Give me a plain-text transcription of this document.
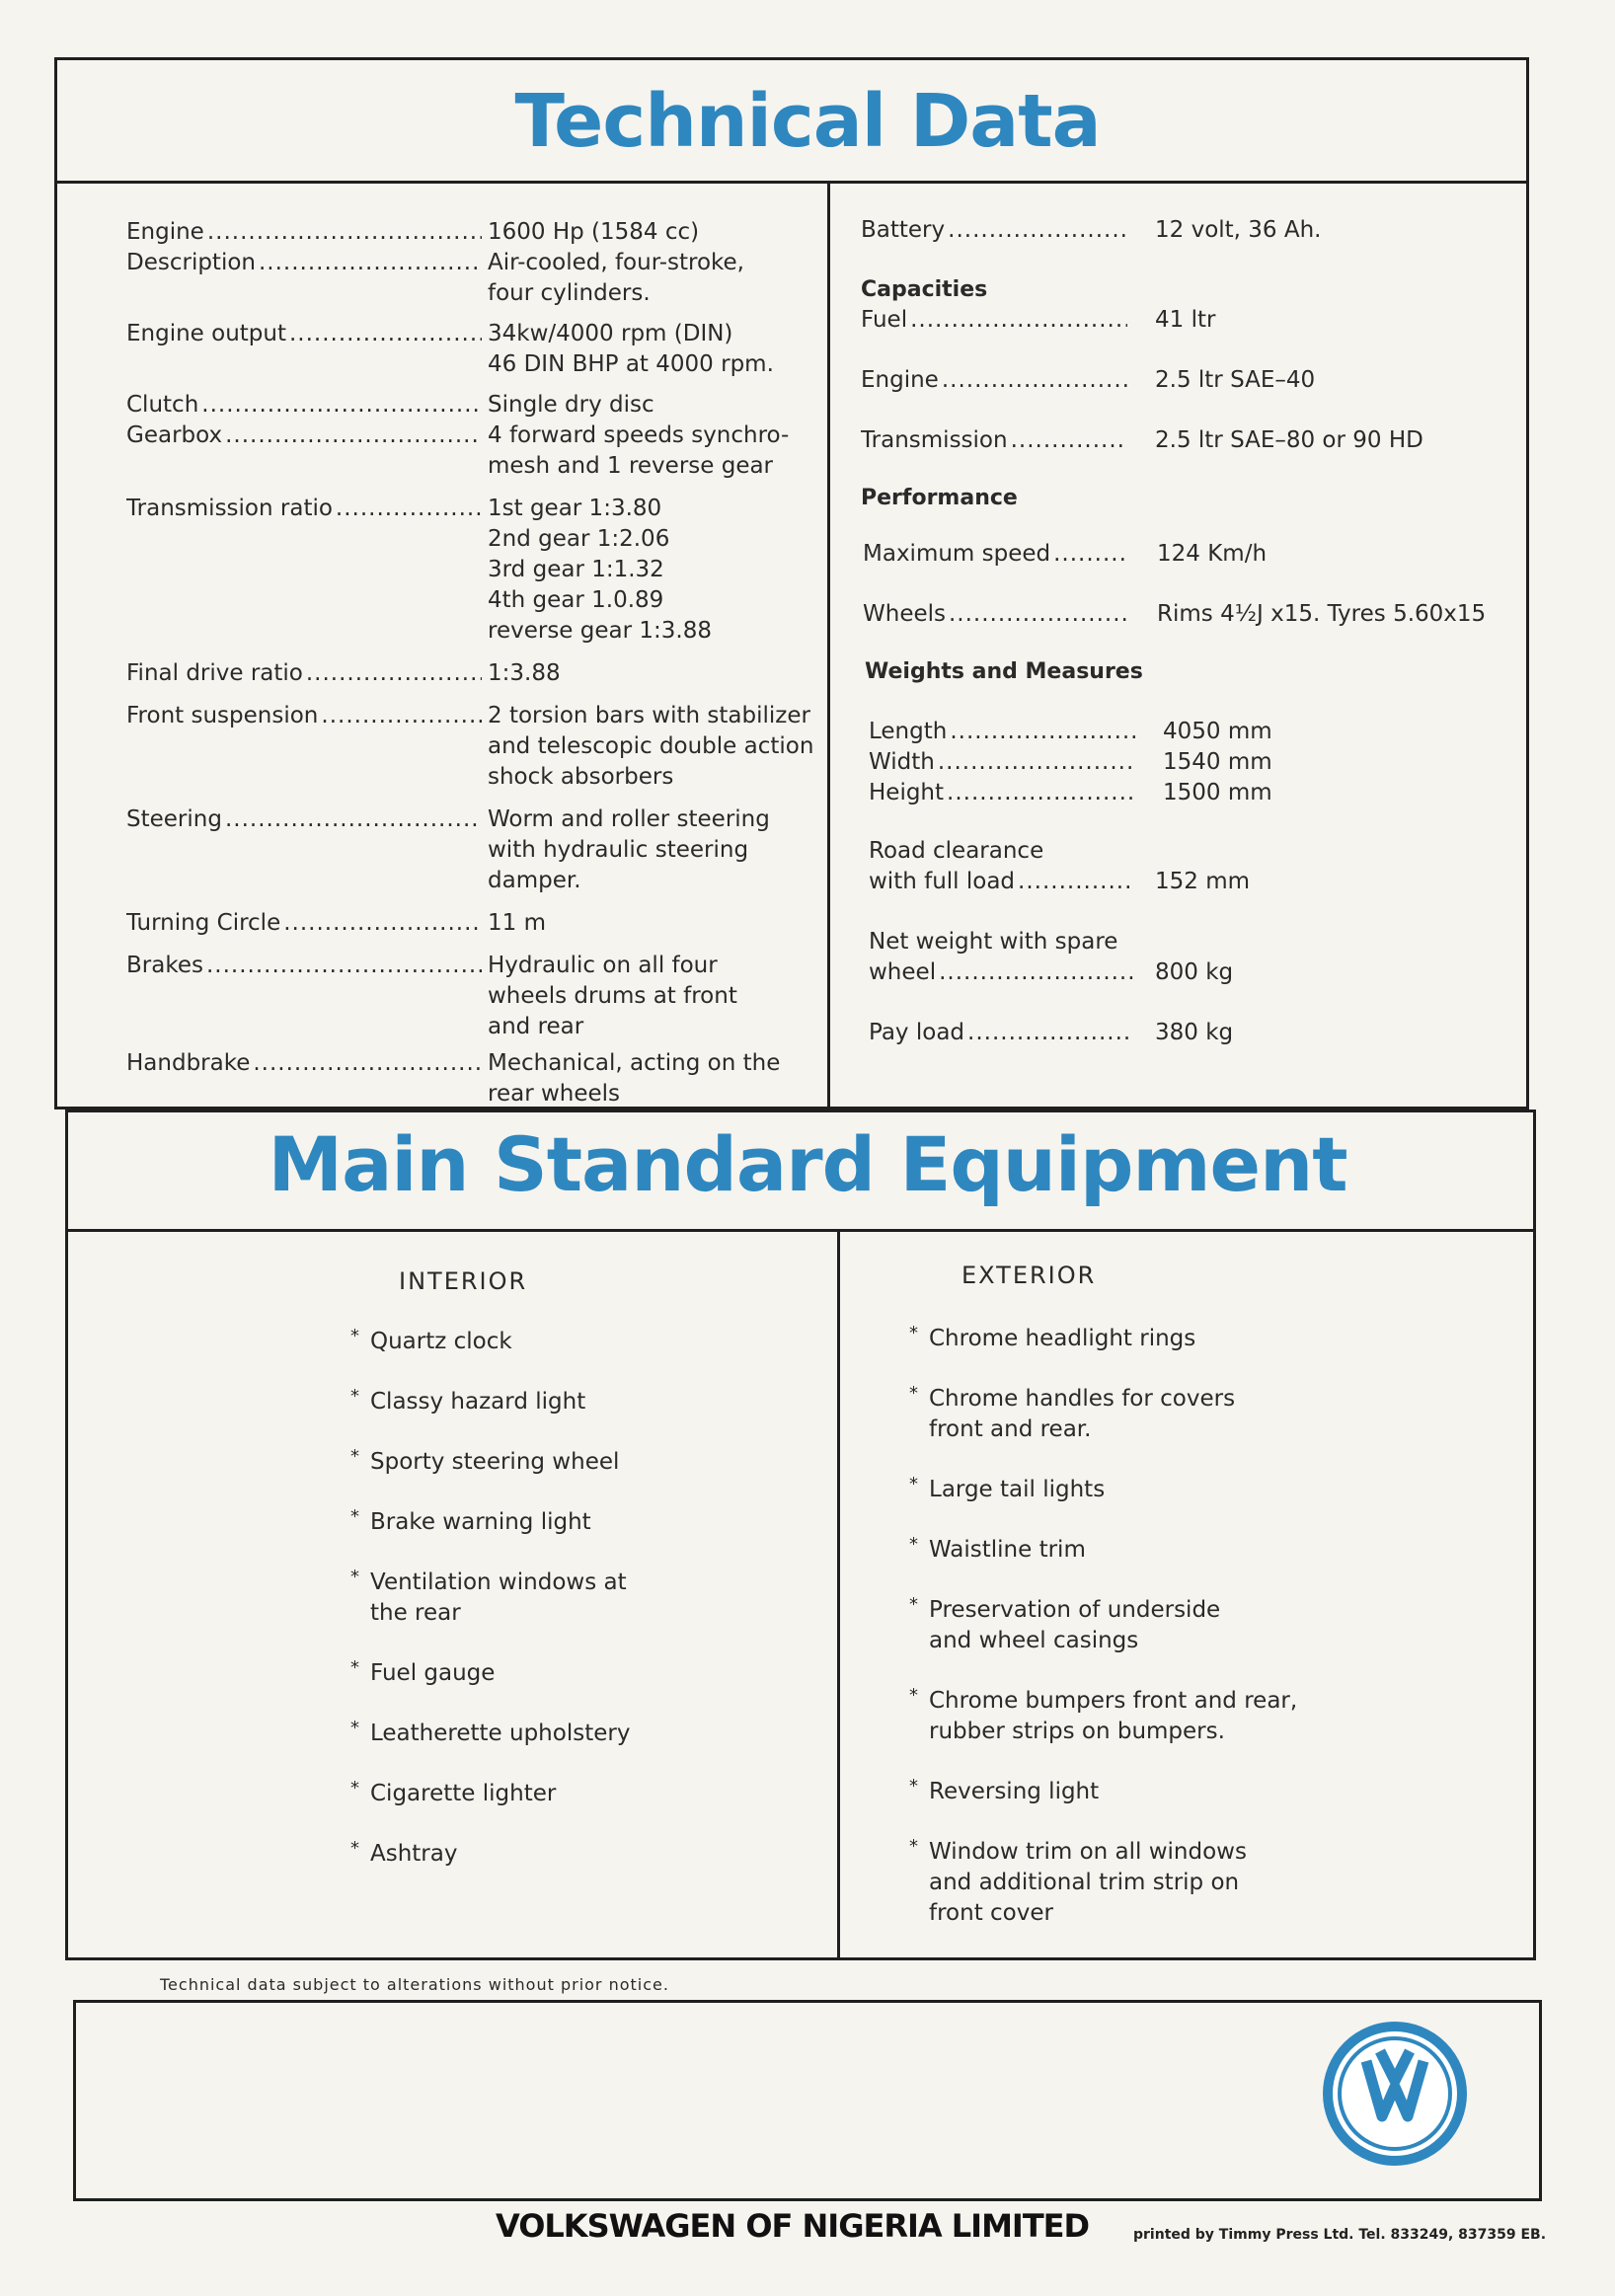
Technical Data
Main Standard Equipment
Engine .....	1600 Hp (1584 cc)
Description .....	Air-cooled, four-stroke,
four cylinders.
Engine output .....	34kw/4000 rpm (DIN)
46 DIN BHP at 4000 rpm.
Clutch .....	Single dry disc
Gearbox .....	4 forward speeds synchro-
mesh and 1 reverse gear
Transmission ratio .....	1st gear 1:3.80
2nd gear 1:2.06
3rd gear 1:1.32
4th gear 1.0.89
reverse gear 1:3.88
Final drive ratio .....	1:3.88
Front suspension .....	2 torsion bars with stabilizer
and telescopic double action
shock absorbers
Steering .....	Worm and roller steering
with hydraulic steering
damper.
Turning Circle .....	11 m
Brakes .....	Hydraulic on all four
wheels drums at front
and rear
Handbrake .....	Mechanical, acting on the
rear wheels
Battery .....	12 volt, 36 Ah.
Capacities
Fuel .....	41 ltr
Engine .....	2.5 ltr SAE–40
Transmission .....	2.5 ltr SAE–80 or 90 HD
Performance
Maximum speed .....	124 Km/h
Wheels .....	Rims 4½J x15. Tyres 5.60x15
Weights and Measures
Length .....	4050 mm
Width .....	1540 mm
Height .....	1500 mm
Road clearance
with full load .....	152 mm
Net weight with spare
wheel .....	800 kg
Pay load .....	380 kg
INTERIOR
* Quartz clock
* Classy hazard light
* Sporty steering wheel
* Brake warning light
* Ventilation windows at
the rear
* Fuel gauge
* Leatherette upholstery
* Cigarette lighter
* Ashtray
EXTERIOR
* Chrome headlight rings
* Chrome handles for covers
front and rear.
* Large tail lights
* Waistline trim
* Preservation of underside
and wheel casings
* Chrome bumpers front and rear,
rubber strips on bumpers.
* Reversing light
* Window trim on all windows
and additional trim strip on
front cover
Technical data subject to alterations without prior notice.
VOLKSWAGEN OF NIGERIA LIMITED	printed by Timmy Press Ltd. Tel. 833249, 837359 EB.
